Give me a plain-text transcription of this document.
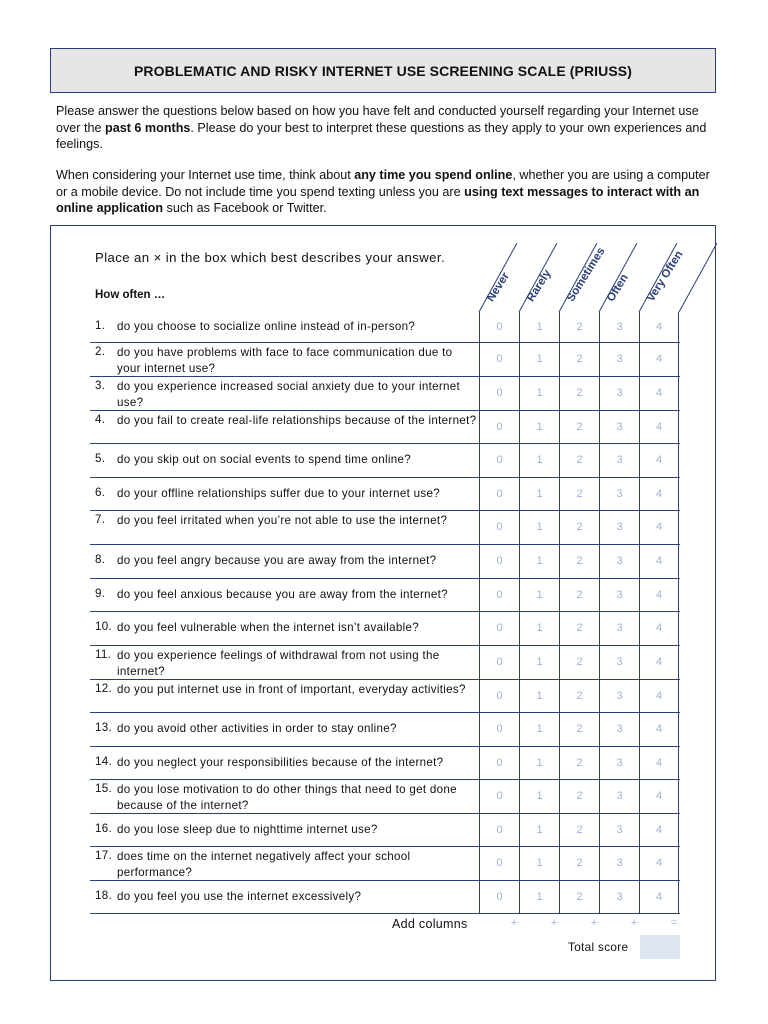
PROBLEMATIC AND RISKY INTERNET USE SCREENING SCALE (PRIUSS)

Please answer the questions below based on how you have felt and conducted yourself regarding your Internet use over the past 6 months. Please do your best to interpret these questions as they apply to your own experiences and feelings.

When considering your Internet use time, think about any time you spend online, whether you are using a computer or a mobile device. Do not include time you spend texting unless you are using text messages to interact with an online application such as Facebook or Twitter.

Place an × in the box which best describes your answer.
How often …	Never Rarely Sometimes
Often Very Often
1. do you choose to socialize online instead of in-person?	0	1	2	3	4
2. do you have problems with face to face communication due to your internet use?
0	1	2	3	4
3. do you experience increased social anxiety due to your internet use?
0	1	2	3	4
4. do you fail to create real-life relationships because of the internet?	0	1	2	3	4
5. do you skip out on social events to spend time online?	0	1	2	3	4
6. do your offline relationships suffer due to your internet use?	0	1	2	3	4
7. do you feel irritated when you’re not able to use the internet?	0	1	2	3	4
8. do you feel angry because you are away from the internet?	0	1	2	3	4
9. do you feel anxious because you are away from the internet?	0	1	2	3	4
10. do you feel vulnerable when the internet isn’t available?	0	1	2	3	4
11. do you experience feelings of withdrawal from not using the internet?
0	1	2	3	4
12. do you put internet use in front of important, everyday activities?	0	1	2	3	4
13. do you avoid other activities in order to stay online?	0	1	2	3	4
14. do you neglect your responsibilities because of the internet?	0	1	2	3	4
15. do you lose motivation to do other things that need to get done because of the internet?
0	1	2	3	4
16. do you lose sleep due to nighttime internet use?	0	1	2	3	4
17. does time on the internet negatively affect your school performance?
0	1	2	3	4
18. do you feel you use the internet excessively?	0	1	2	3	4
Add columns	+	+	+	+	=
Total score
